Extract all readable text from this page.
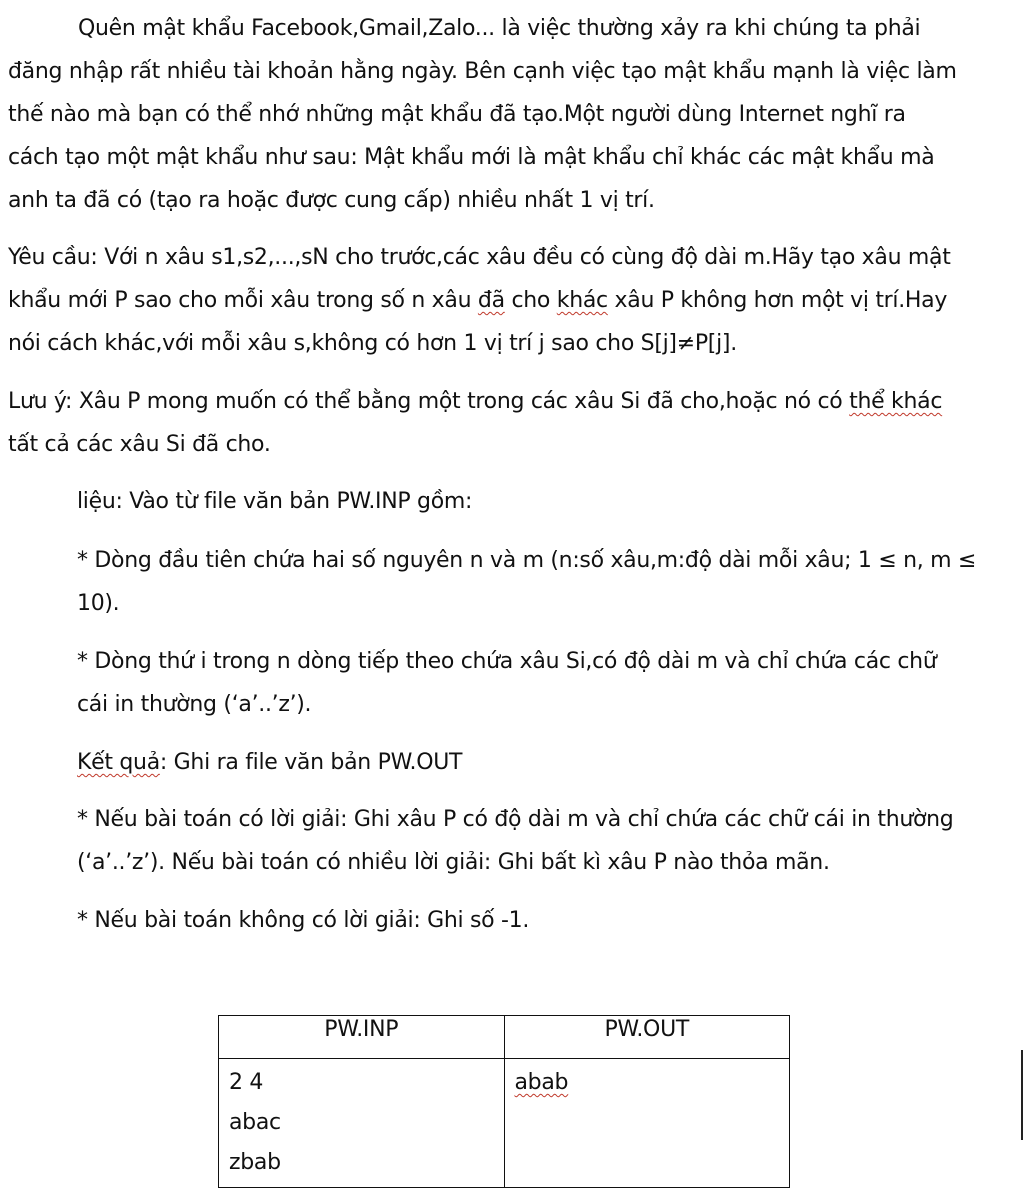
Quên mật khẩu Facebook,Gmail,Zalo... là việc thường xảy ra khi chúng ta phải
đăng nhập rất nhiều tài khoản hằng ngày. Bên cạnh việc tạo mật khẩu mạnh là việc làm
thế nào mà bạn có thể nhớ những mật khẩu đã tạo.Một người dùng Internet nghĩ ra
cách tạo một mật khẩu như sau: Mật khẩu mới là mật khẩu chỉ khác các mật khẩu mà
anh ta đã có (tạo ra hoặc được cung cấp) nhiều nhất 1 vị trí.
Yêu cầu: Với n xâu s1,s2,...,sN cho trước,các xâu đều có cùng độ dài m.Hãy tạo xâu mật
khẩu mới P sao cho mỗi xâu trong số n xâu đã cho khác xâu P không hơn một vị trí.Hay
nói cách khác,với mỗi xâu s,không có hơn 1 vị trí j sao cho S[j]≠P[j].
Lưu ý: Xâu P mong muốn có thể bằng một trong các xâu Si đã cho,hoặc nó có thể khác
tất cả các xâu Si đã cho.
liệu: Vào từ file văn bản PW.INP gồm:
* Dòng đầu tiên chứa hai số nguyên n và m (n:số xâu,m:độ dài mỗi xâu; 1 ≤ n, m ≤
10).
* Dòng thứ i trong n dòng tiếp theo chứa xâu Si,có độ dài m và chỉ chứa các chữ
cái in thường (‘a’..’z’).
Kết quả: Ghi ra file văn bản PW.OUT
* Nếu bài toán có lời giải: Ghi xâu P có độ dài m và chỉ chứa các chữ cái in thường
(‘a’..’z’). Nếu bài toán có nhiều lời giải: Ghi bất kì xâu P nào thỏa mãn.
* Nếu bài toán không có lời giải: Ghi số -1.
PW.INP	PW.OUT

2 4
abac
zbab	abab
